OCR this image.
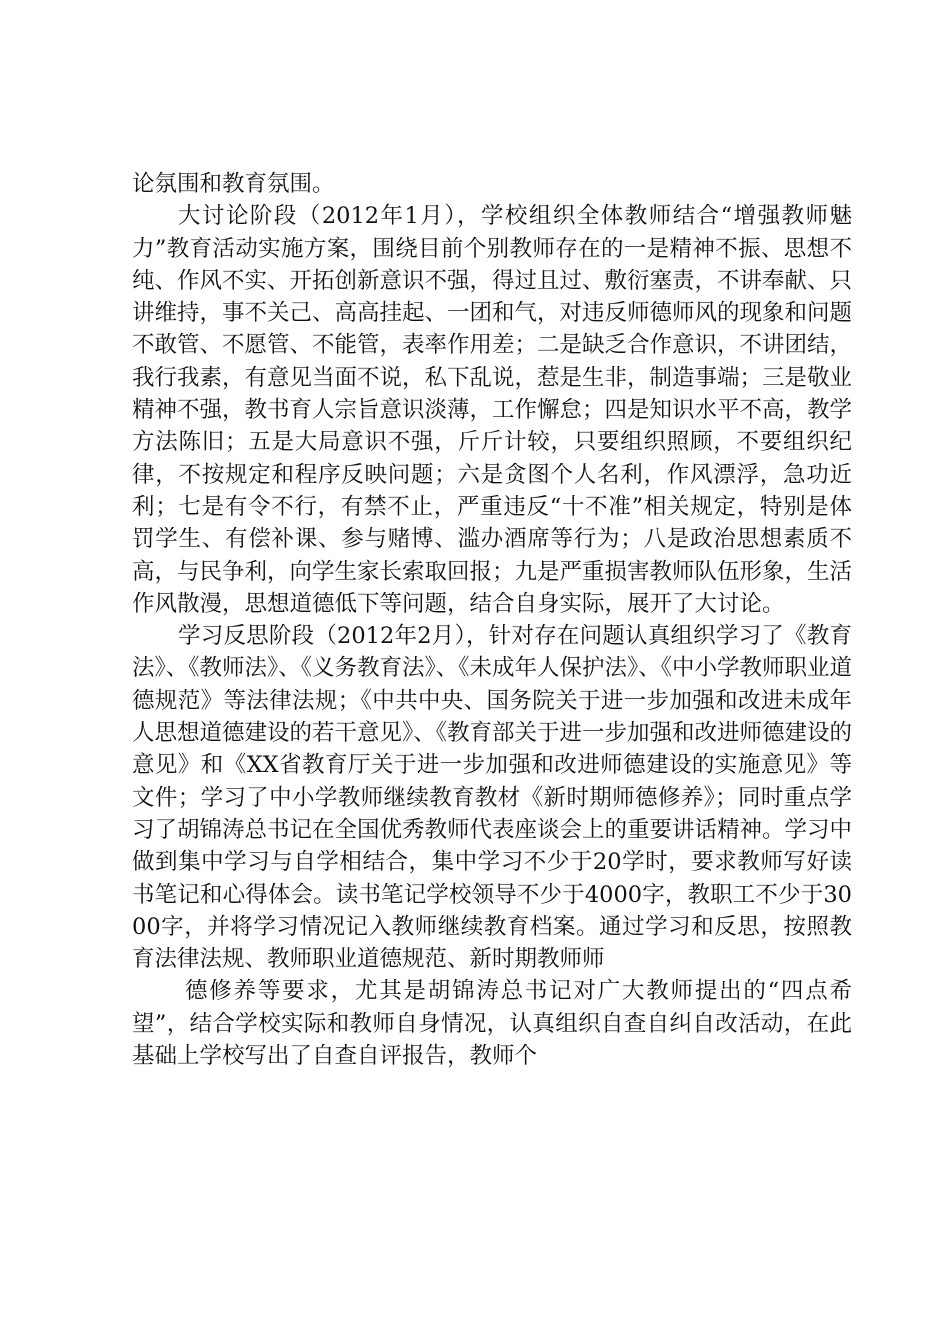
论氛围和教育氛围。

大讨论阶段（2012年1月），学校组织全体教师结合“增强教师魅力”教育活动实施方案，围绕目前个别教师存在的一是精神不振、思想不纯、作风不实、开拓创新意识不强，得过且过、敷衍塞责，不讲奉献、只讲维持，事不关己、高高挂起、一团和气，对违反师德师风的现象和问题不敢管、不愿管、不能管，表率作用差；二是缺乏合作意识，不讲团结，我行我素，有意见当面不说，私下乱说，惹是生非，制造事端；三是敬业精神不强，教书育人宗旨意识淡薄，工作懈怠；四是知识水平不高，教学方法陈旧；五是大局意识不强，斤斤计较，只要组织照顾，不要组织纪律，不按规定和程序反映问题；六是贪图个人名利，作风漂浮，急功近利；七是有令不行，有禁不止，严重违反“十不准”相关规定，特别是体罚学生、有偿补课、参与赌博、滥办酒席等行为；八是政治思想素质不高，与民争利，向学生家长索取回报；九是严重损害教师队伍形象，生活作风散漫，思想道德低下等问题，结合自身实际，展开了大讨论。

学习反思阶段（2012年2月），针对存在问题认真组织学习了《教育法》、《教师法》、《义务教育法》、《未成年人保护法》、《中小学教师职业道德规范》等法律法规；《中共中央、国务院关于进一步加强和改进未成年人思想道德建设的若干意见》、《教育部关于进一步加强和改进师德建设的意见》和《XX省教育厅关于进一步加强和改进师德建设的实施意见》等文件；学习了中小学教师继续教育教材《新时期师德修养》；同时重点学习了胡锦涛总书记在全国优秀教师代表座谈会上的重要讲话精神。学习中做到集中学习与自学相结合，集中学习不少于20学时，要求教师写好读书笔记和心得体会。读书笔记学校领导不少于4000字，教职工不少于3000字，并将学习情况记入教师继续教育档案。通过学习和反思，按照教育法律法规、教师职业道德规范、新时期教师师

德修养等要求，尤其是胡锦涛总书记对广大教师提出的“四点希望”，结合学校实际和教师自身情况，认真组织自查自纠自改活动，在此基础上学校写出了自查自评报告，教师个
